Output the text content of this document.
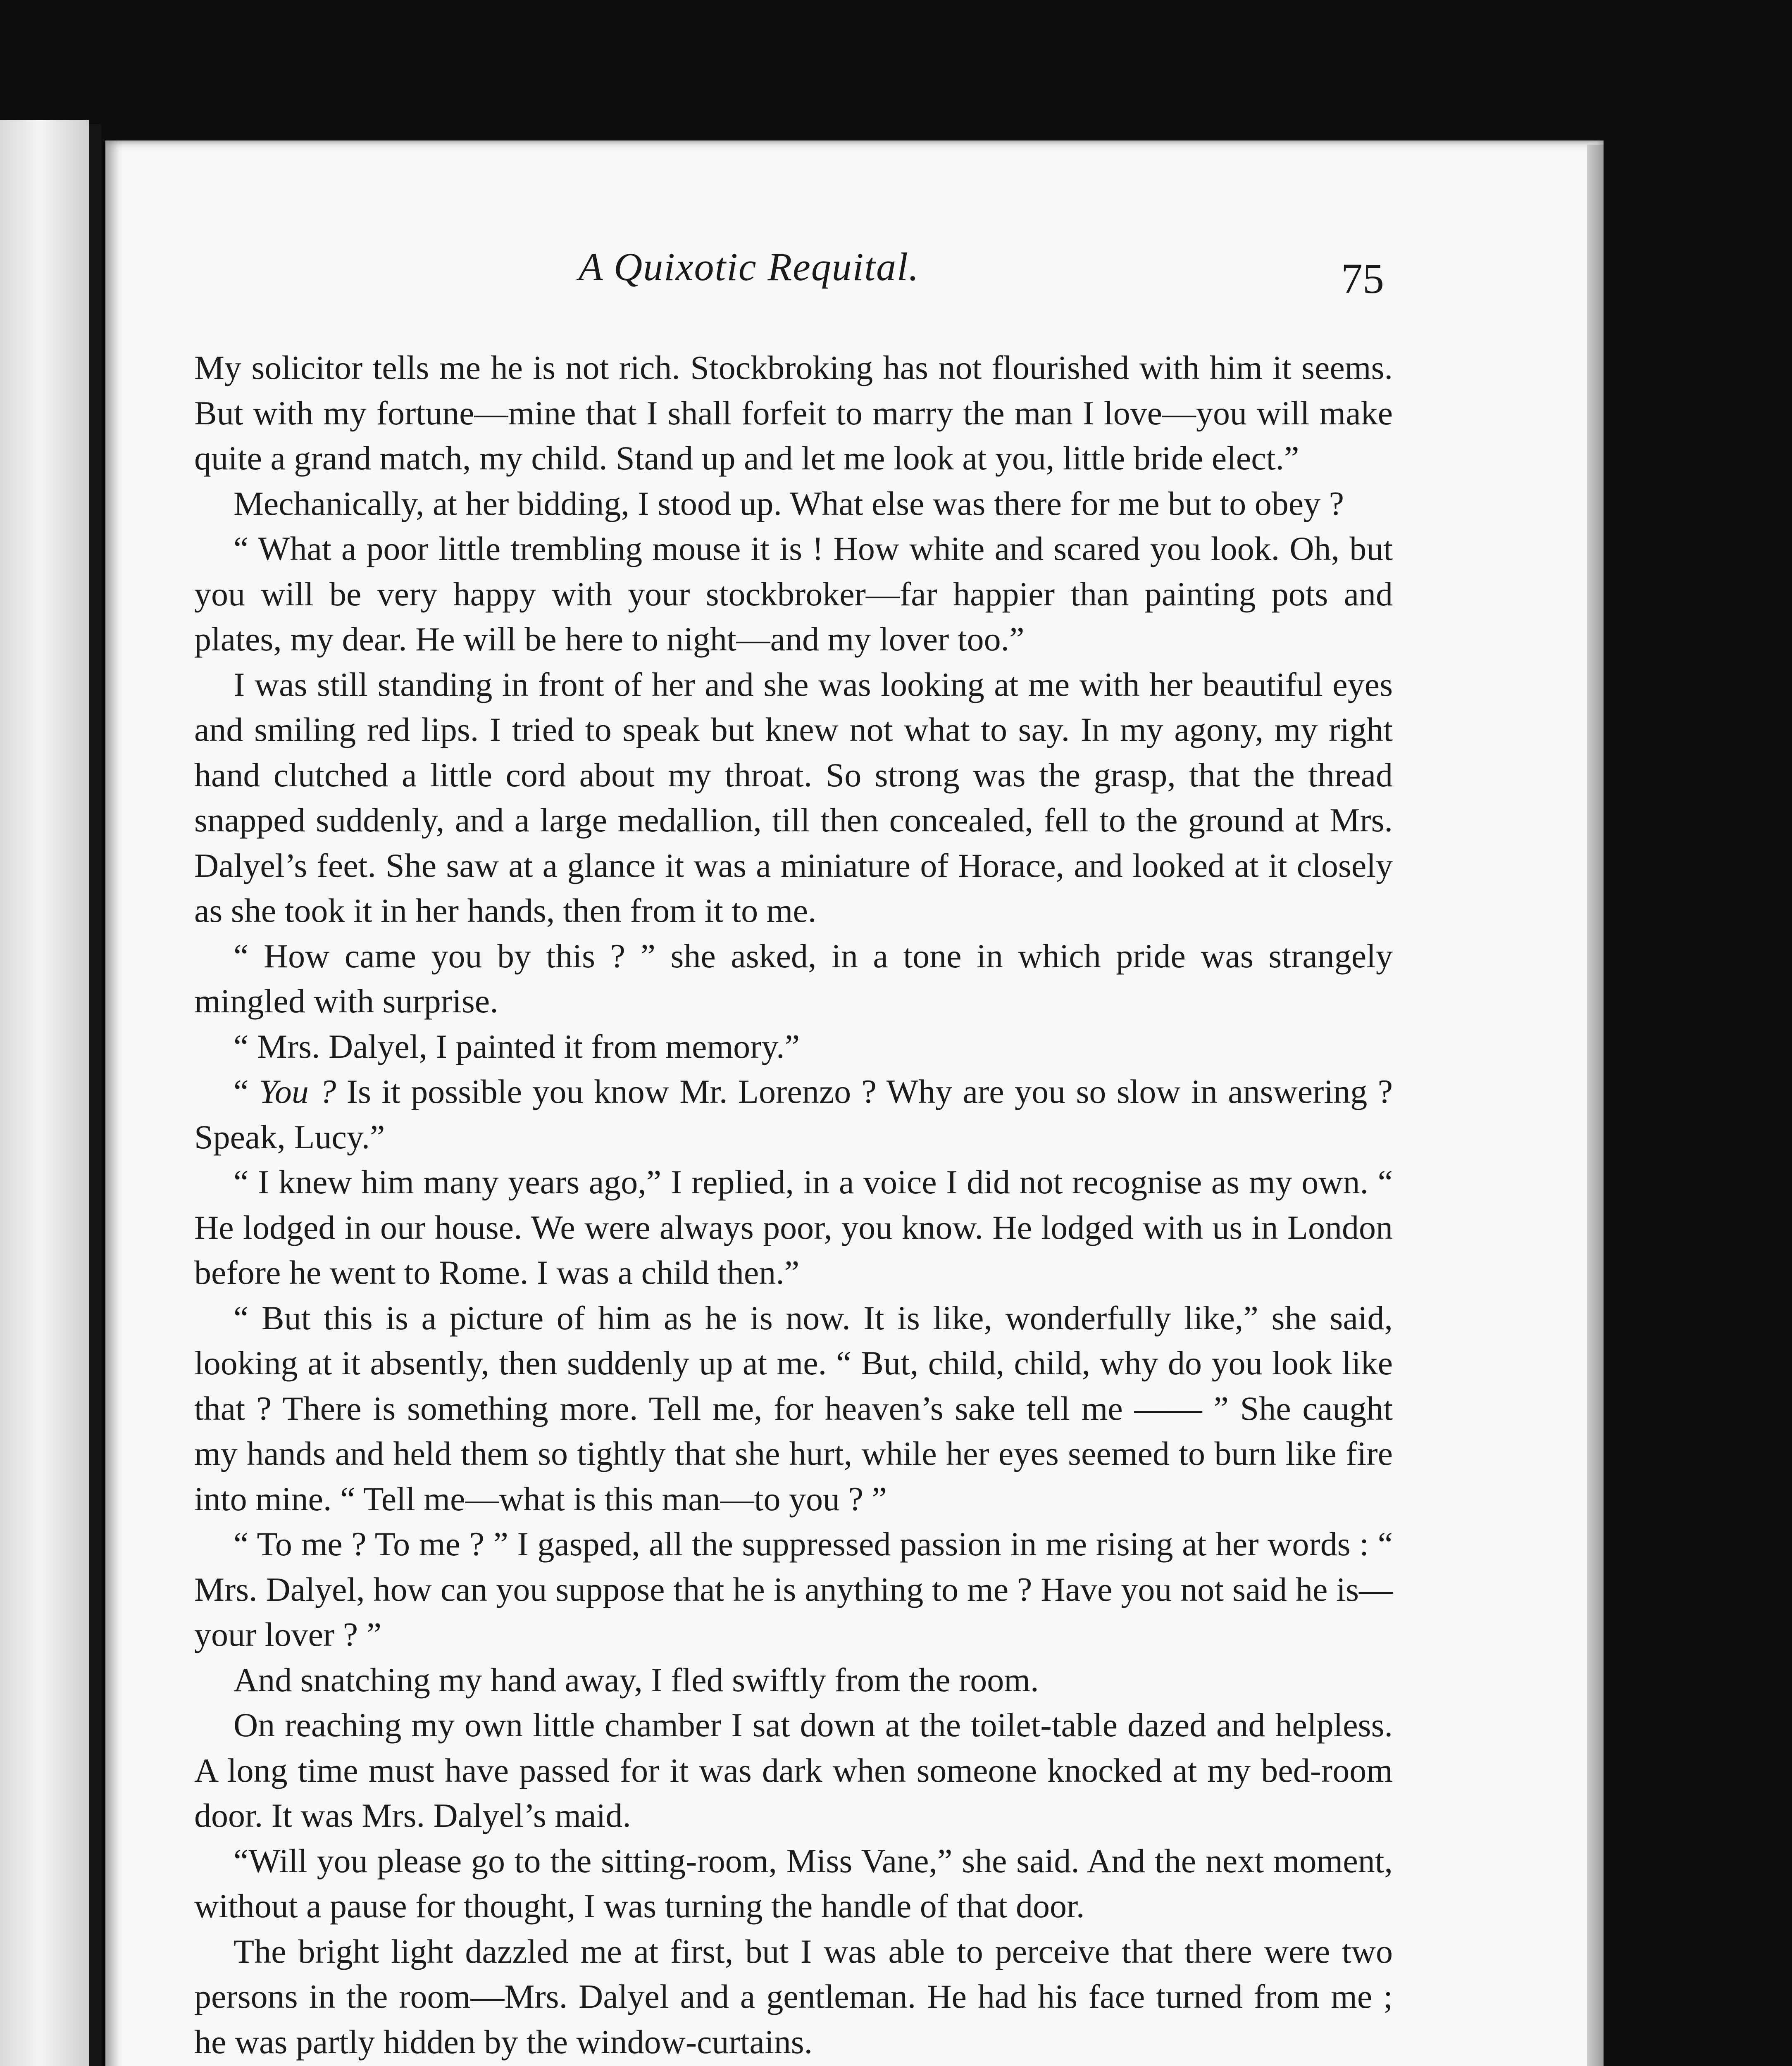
A Quixotic Requital.	75

My solicitor tells me he is not rich. Stockbroking has not flourished with him it seems. But with my fortune—mine that I shall forfeit to marry the man I love—you will make quite a grand match, my child. Stand up and let me look at you, little bride elect.”

Mechanically, at her bidding, I stood up. What else was there for me but to obey ?

“ What a poor little trembling mouse it is ! How white and scared you look. Oh, but you will be very happy with your stockbroker—far happier than painting pots and plates, my dear. He will be here to night—and my lover too.”

I was still standing in front of her and she was looking at me with her beautiful eyes and smiling red lips. I tried to speak but knew not what to say. In my agony, my right hand clutched a little cord about my throat. So strong was the grasp, that the thread snapped suddenly, and a large medallion, till then concealed, fell to the ground at Mrs. Dalyel’s feet. She saw at a glance it was a miniature of Horace, and looked at it closely as she took it in her hands, then from it to me.

“ How came you by this ? ” she asked, in a tone in which pride was strangely mingled with surprise.

“ Mrs. Dalyel, I painted it from memory.”

“ You ? Is it possible you know Mr. Lorenzo ? Why are you so slow in answering ? Speak, Lucy.”

“ I knew him many years ago,” I replied, in a voice I did not recognise as my own. “ He lodged in our house. We were always poor, you know. He lodged with us in London before he went to Rome. I was a child then.”

“ But this is a picture of him as he is now. It is like, wonderfully like,” she said, looking at it absently, then suddenly up at me. “ But, child, child, why do you look like that ? There is something more. Tell me, for heaven’s sake tell me —— ” She caught my hands and held them so tightly that she hurt, while her eyes seemed to burn like fire into mine. “ Tell me—what is this man—to you ? ”

“ To me ? To me ? ” I gasped, all the suppressed passion in me rising at her words : “ Mrs. Dalyel, how can you suppose that he is anything to me ? Have you not said he is—your lover ? ”

And snatching my hand away, I fled swiftly from the room.

On reaching my own little chamber I sat down at the toilet-table dazed and helpless. A long time must have passed for it was dark when someone knocked at my bed-room door. It was Mrs. Dalyel’s maid.

“Will you please go to the sitting-room, Miss Vane,” she said. And the next moment, without a pause for thought, I was turning the handle of that door.

The bright light dazzled me at first, but I was able to perceive that there were two persons in the room—Mrs. Dalyel and a gentleman. He had his face turned from me ; he was partly hidden by the window-curtains.
